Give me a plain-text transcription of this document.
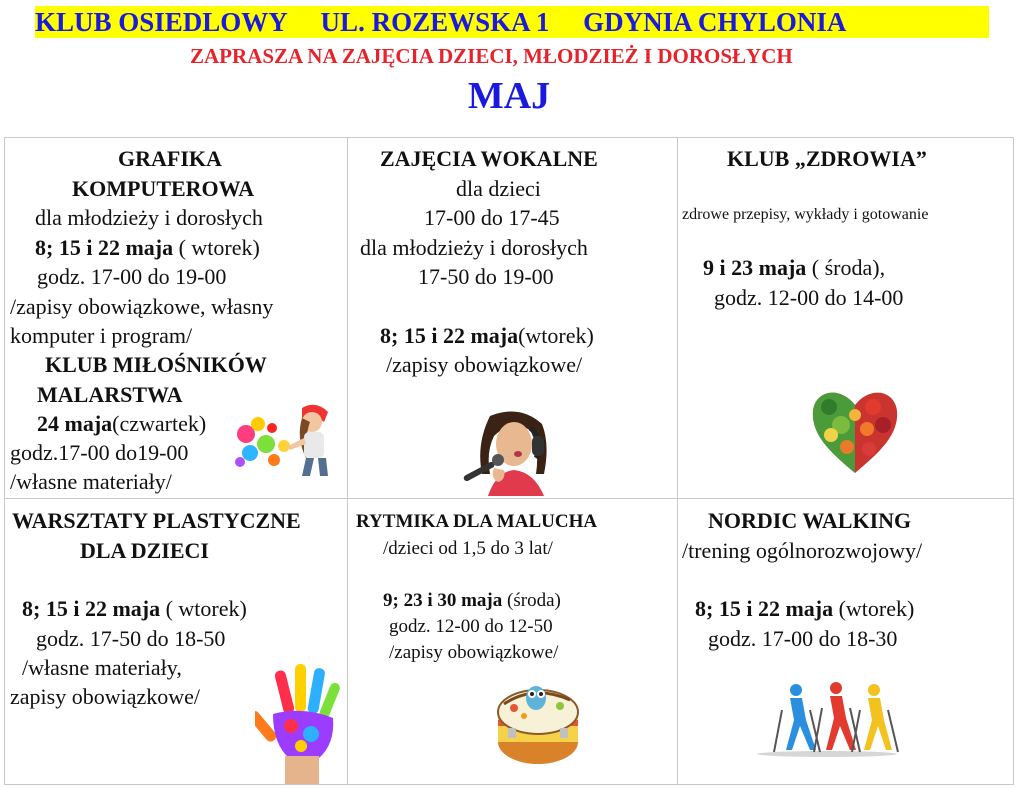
KLUB OSIEDLOWY     UL. ROZEWSKA 1     GDYNIA CHYLONIA
ZAPRASZA NA ZAJĘCIA DZIECI, MŁODZIEŻ I DOROSŁYCH
MAJ
GRAFIKA
KOMPUTEROWA
dla młodzieży i dorosłych
8; 15 i 22 maja ( wtorek)
godz. 17-00 do 19-00
/zapisy obowiązkowe, własny
komputer i program/
KLUB MIŁOŚNIKÓW
MALARSTWA
24 maja(czwartek)
godz.17-00 do19-00
/własne materiały/
ZAJĘCIA WOKALNE
dla dzieci
17-00 do 17-45
dla młodzieży i dorosłych
17-50 do 19-00
8; 15 i 22 maja(wtorek)
/zapisy obowiązkowe/
KLUB „ZDROWIA”
zdrowe przepisy, wykłady i gotowanie
9 i 23 maja ( środa),
godz. 12-00 do 14-00
WARSZTATY PLASTYCZNE
DLA DZIECI
8; 15 i 22 maja ( wtorek)
godz. 17-50 do 18-50
/własne materiały,
zapisy obowiązkowe/
RYTMIKA DLA MALUCHA
/dzieci od 1,5 do 3 lat/
9; 23 i 30 maja (środa)
godz. 12-00 do 12-50
/zapisy obowiązkowe/
NORDIC WALKING
/trening ogólnorozwojowy/
8; 15 i 22 maja (wtorek)
godz. 17-00 do 18-30
